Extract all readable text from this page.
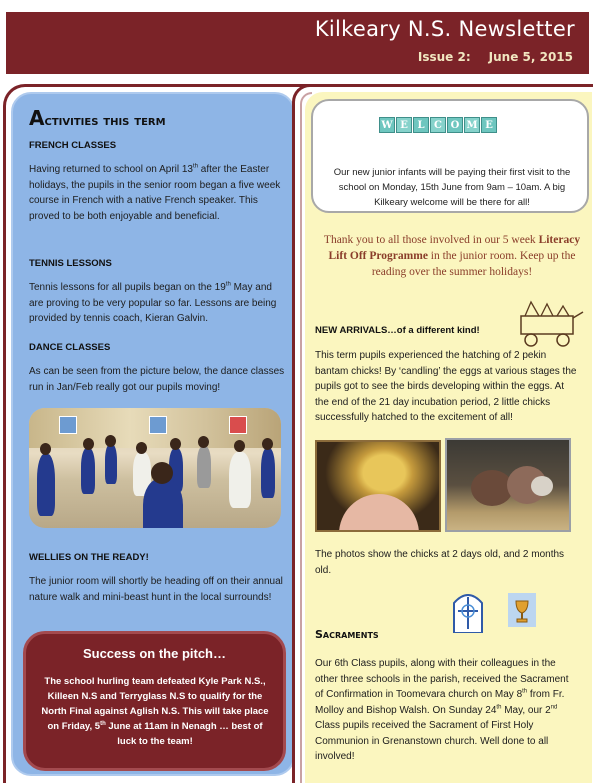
Kilkeary N.S. Newsletter
Issue 2: June 5, 2015
Activities this term
FRENCH CLASSES
Having returned to school on April 13th after the Easter holidays, the pupils in the senior room began a five week course in French with a native French speaker. This proved to be both enjoyable and beneficial.
TENNIS LESSONS
Tennis lessons for all pupils began on the 19th May and are proving to be very popular so far. Lessons are being provided by tennis coach, Kieran Galvin.
DANCE CLASSES
As can be seen from the picture below, the dance classes run in Jan/Feb really got our pupils moving!
WELLIES ON THE READY!
The junior room will shortly be heading off on their annual nature walk and mini-beast hunt in the local surrounds!
Success on the pitch…
The school hurling team defeated Kyle Park N.S., Killeen N.S and Terryglass N.S to qualify for the North Final against Aglish N.S. This will take place on Friday, 5th June at 11am in Nenagh … best of luck to the team!
W E L C O M E
Our new junior infants will be paying their first visit to the school on Monday, 15th June from 9am – 10am. A big Kilkeary welcome will be there for all!
Thank you to all those involved in our 5 week Literacy Lift Off Programme in the junior room. Keep up the reading over the summer holidays!
NEW ARRIVALS…of a different kind!
This term pupils experienced the hatching of 2 pekin bantam chicks! By ‘candling’ the eggs at various stages the pupils got to see the birds developing within the eggs. At the end of the 21 day incubation period, 2 little chicks successfully hatched to the excitement of all!
The photos show the chicks at 2 days old, and 2 months old.
Sacraments
Our 6th Class pupils, along with their colleagues in the other three schools in the parish, received the Sacrament of Confirmation in Toomevara church on May 8th from Fr. Molloy and Bishop Walsh. On Sunday 24th May, our 2nd Class pupils received the Sacrament of First Holy Communion in Grenanstown church. Well done to all involved!
